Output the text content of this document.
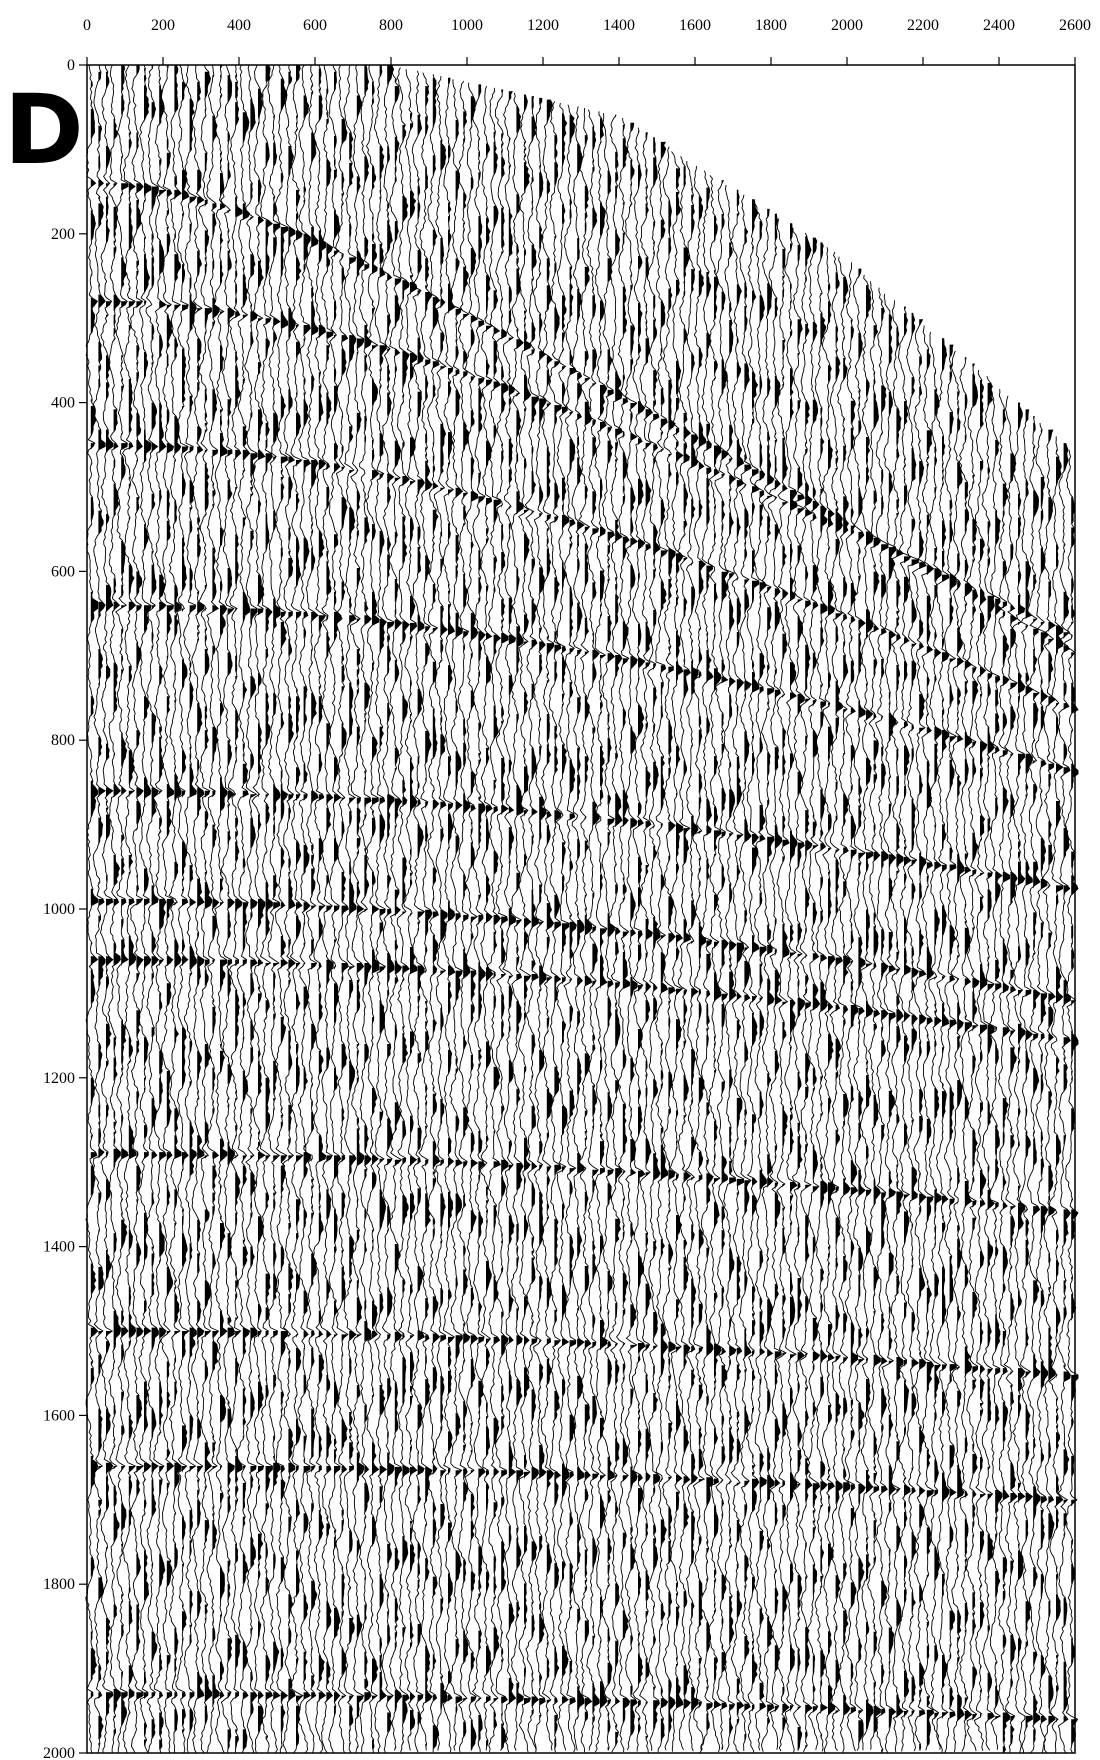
D
0	200	400	600	800	1000	1200	1400	1600	1800	2000	2200	2400	2600
0
200
400
600
800
1000
1200
1400
1600
1800
2000
